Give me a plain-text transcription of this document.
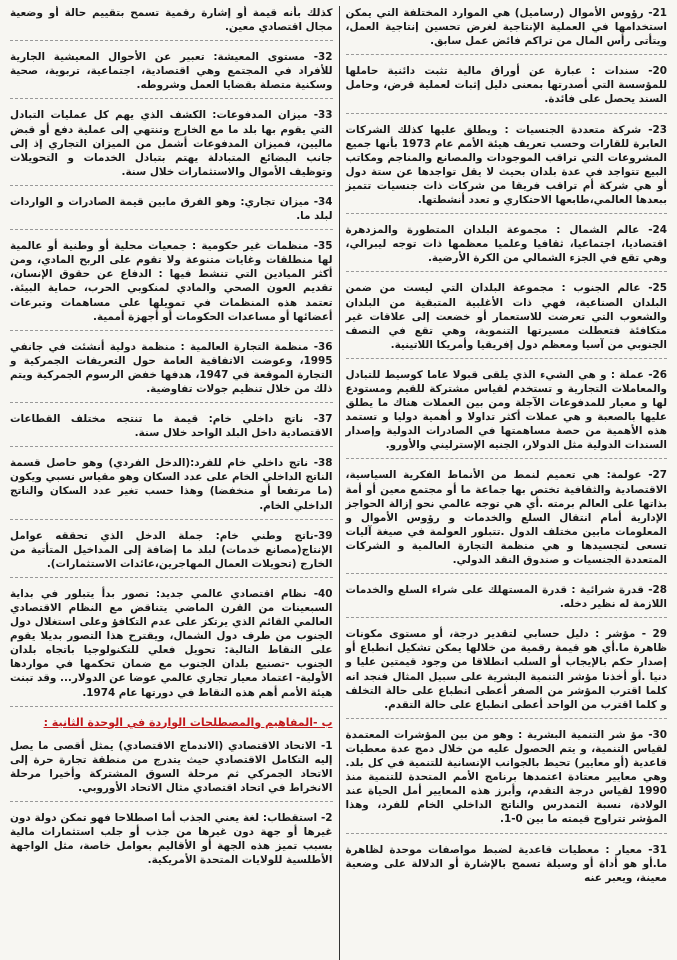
21- رؤوس الأموال (رساميل) هي الموارد المختلفة التي يمكن استخدامها في العملية الإنتاجية لغرض تحسين إنتاجية العمل، ويتأتى رأس المال من تراكم فائض عمل سابق.

20- سندات : عبارة عن أوراق مالية تثبت دائنية حاملها للمؤسسة التي أصدرتها بمعنى دليل إثبات لعملية قرض، وحامل السند يحصل على فائدة.

23- شركة متعددة الجنسيات : ويطلق عليها كذلك الشركات العابرة للقارات وحسب تعريف هيئة الأمم عام 1973 بأنها جميع المشروعات التي تراقب الموجودات والمصانع والمناجم ومكاتب البيع تتواجد في عدة بلدان بحيث لا يقل تواجدها عن ستة دول أو هي شركة أم تراقب فريقا من شركات ذات جنسيات تتميز ببعدها العالمي،طابعها الاحتكاري و تعدد أنشطتها.

24- عالم الشمال : مجموعة البلدان المتطورة والمزدهرة اقتصاديا، اجتماعيا، ثقافيا وعلميا معظمها ذات توجه ليبرالي، وهي تقع في الجزء الشمالي من الكرة الأرضية.

25- عالم الجنوب : مجموعة البلدان التي ليست من ضمن البلدان الصناعية، فهي ذات الأغلبية المتبقية من البلدان والشعوب التي تعرضت للاستعمار أو خضعت إلى علاقات غير متكافئة فتعطلت مسيرتها التنموية، وهي تقع في النصف الجنوبي من آسيا ومعظم دول إفريقيا وأمريكا اللاتينية.

26- عملة : و هي الشيء الذي يلقى قبولا عاما كوسيط للتبادل والمعاملات التجارية و تستخدم لقياس مشتركة للقيم ومستودع لها و معيار للمدفوعات الآجلة ومن بين العملات هناك ما يطلق عليها بالصعبة و هي عملات أكثر تداولا و أهمية دوليا و تستمد هذه الأهمية من حصة مساهمتها في الصادرات الدولية وإصدار السندات الدولية مثل الدولار، الجنيه الإسترليني والأورو.

27- عولمة: هي تعميم لنمط من الأنماط الفكرية السياسية، الاقتصادية والثقافية تختص بها جماعة ما أو مجتمع معين أو أمة بذاتها على العالم برمته .أي هي توجه عالمي نحو إزالة الحواجز الإدارية أمام انتقال السلع والخدمات و رؤوس الأموال و المعلومات مابين مختلف الدول .تتبلور العولمة في صيغة آليات تسعى لتجسيدها و هي منظمة التجارة العالمية و الشركات المتعددة الجنسيات و صندوق النقد الدولي.

28- قدرة شرائية : قدرة المستهلك على شراء السلع والخدمات اللازمة له نظير دخله.

29 - مؤشر : دليل حسابي لتقدير درجة، أو مستوى مكونات ظاهرة ما.أي هو قيمة رقمية من خلالها يمكن تشكيل انطباع أو إصدار حكم بالإيجاب أو السلب انطلاقا من وجود قيمتين عليا و دنيا .أو أخذنا مؤشر التنمية البشرية على سبيل المثال فنجد انه كلما اقترب المؤشر من الصفر أعطى انطباع على حالة التخلف و كلما اقترب من الواحد أعطى انطباع على حالة التقدم.

30- مؤ شر التنمية البشرية : وهو من بين المؤشرات المعتمدة لقياس التنمية، و يتم الحصول عليه من خلال دمج عدة معطيات قاعدية (أو معايير) تحيط بالجوانب الإنسانية للتنمية في كل بلد. وهي معايير معتادة اعتمدها برنامج الأمم المتحدة للتنمية منذ 1990 لقياس درجة التقدم، وأبرز هذه المعايير أمل الحياة عند الولادة، نسبة التمدرس والناتج الداخلي الخام للفرد، وهذا المؤشر تتراوح قيمته ما بين 0-1.

31- معيار : معطيات قاعدية لضبط مواصفات موحدة لظاهرة ما.أو هو أداة أو وسيلة تسمح بالإشارة أو الدلالة على وضعية معينة، ويعبر عنه

كذلك بأنه قيمة أو إشارة رقمية تسمح بتقييم حالة أو وضعية مجال اقتصادي معين.

32- مستوى المعيشة: تعبير عن الأحوال المعيشية الجارية للأفراد في المجتمع وهي اقتصادية، اجتماعية، تربوية، صحية وسكنية متصلة بقضايا العمل وشروطه.

33- ميزان المدفوعات: الكشف الذي يهم كل عمليات التبادل التي يقوم بها بلد ما مع الخارج وتنتهي إلى عملية دفع أو قبض ماليين، فميزان المدفوعات أشمل من الميزان التجاري إذ إلى جانب البضائع المتبادلة يهتم بتبادل الخدمات و التحويلات وتوظيف الأموال والاستثمارات خلال سنة.

34- ميزان تجاري: وهو الفرق مابين قيمة الصادرات و الواردات لبلد ما.

35- منظمات غير حكومية : جمعيات محلية أو وطنية أو عالمية لها منطلقات وغايات متنوعة ولا تقوم على الربح المادي، ومن أكثر الميادين التي تنشط فيها : الدفاع عن حقوق الإنسان، تقديم العون الصحي والمادي لمنكوبي الحرب، حماية البيئة. تعتمد هذه المنظمات في تمويلها على مساهمات وتبرعات أعضائها أو مساعدات الحكومات أو أجهزة أممية.

36- منظمة التجارة العالمية : منظمة دولية أنشئت في جانفي 1995، وعوضت الاتفاقية العامة حول التعريفات الجمركية و التجارة الموقعة في 1947، هدفها خفض الرسوم الجمركية ويتم ذلك من خلال تنظيم جولات تفاوضية.

37- ناتج داخلي خام: قيمة ما تنتجه مختلف القطاعات الاقتصادية داخل البلد الواحد خلال سنة.

38- ناتج داخلي خام للفرد:(الدخل الفردي) وهو حاصل قسمة الناتج الداخلي الخام على عدد السكان وهو مقياس نسبي ويكون (ما مرتفعا أو منخفضا) وهذا حسب تغير عدد السكان والناتج الداخلي الخام.

39-ناتج وطني خام: جملة الدخل الذي تحققه عوامل الإنتاج(مصانع خدمات) لبلد ما إضافة إلى المداخيل المتأتية من الخارج (تحويلات العمال المهاجرين،عائدات الاستثمارات).

40- نظام اقتصادي عالمي جديد: تصور بدأ يتبلور في بداية السبعينات من القرن الماضي يتناقض مع النظام الاقتصادي العالمي القائم الذي يرتكز على عدم التكافؤ وعلى استغلال دول الجنوب من طرف دول الشمال، ويقترح هذا التصور بديلا يقوم على النقاط التالية: تحويل فعلي للتكنولوجيا باتجاه بلدان الجنوب -تصنيع بلدان الجنوب مع ضمان تحكمها في مواردها الأولية- اعتماد معيار تجاري عالمي عوضا عن الدولار... وقد تبنت هيئة الأمم أهم هذه النقاط في دورتها عام 1974.

ب -المفاهيم والمصطلحات الواردة في الوحدة الثانية :

1- الاتحاد الاقتصادي (الاندماج الاقتصادي) يمثل أقصى ما يصل إليه التكامل الاقتصادي حيث يتدرج من منطقة تجارة حرة إلى الاتحاد الجمركي ثم مرحلة السوق المشتركة وأخيرا مرحلة الانخراط في اتحاد اقتصادي مثال الاتحاد الأوروبي.

2- استقطاب: لغة يعني الجذب أما اصطلاحا فهو تمكن دولة دون غيرها أو جهة دون غيرها من جذب أو جلب استثمارات مالية بسبب تميز هذه الجهة أو الأقاليم بعوامل خاصة، مثل الواجهة الأطلسية للولايات المتحدة الأمريكية.
